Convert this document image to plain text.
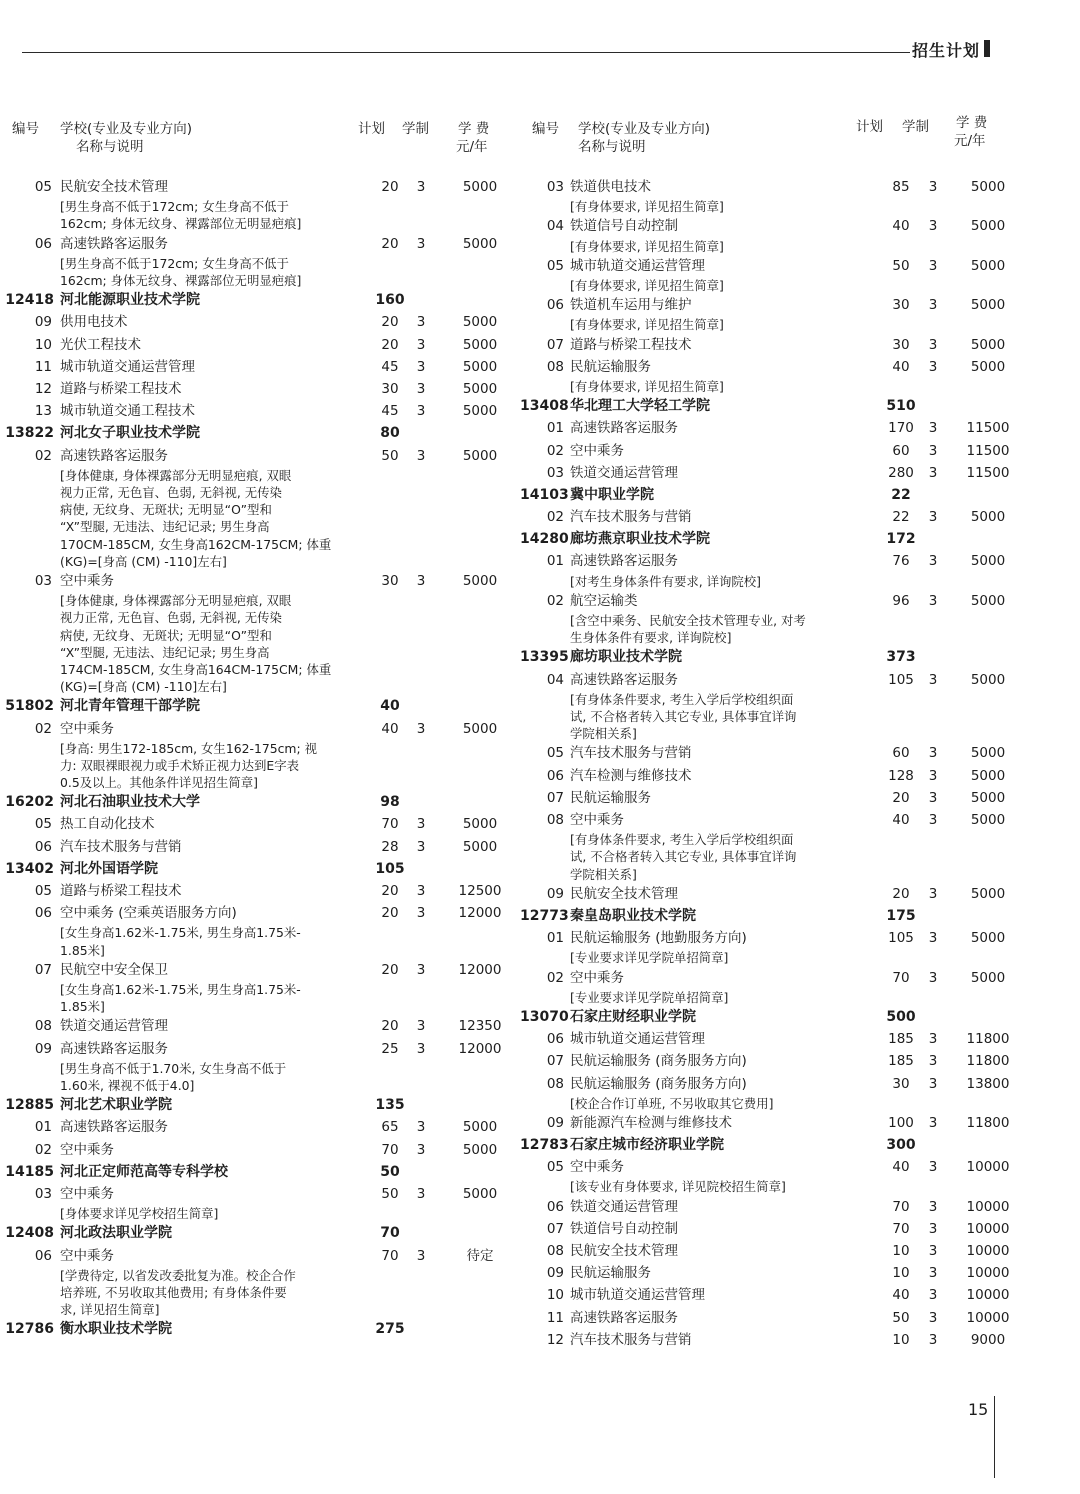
招生计划
编号 学校(专业及专业方向)
名称与说明
计划 学制 学 费
元/年
05 民航安全技术管理	20	3	5000
[男生身高不低于172cm; 女生身高不低于
162cm; 身体无纹身、裸露部位无明显疤痕]
06 高速铁路客运服务	20	3	5000
[男生身高不低于172cm; 女生身高不低于
162cm; 身体无纹身、裸露部位无明显疤痕]
12418 河北能源职业技术学院	160
09 供用电技术	20	3	5000
10 光伏工程技术	20	3	5000
11 城市轨道交通运营管理	45	3	5000
12 道路与桥梁工程技术	30	3	5000
13 城市轨道交通工程技术	45	3	5000
13822 河北女子职业技术学院	80
02 高速铁路客运服务	50	3	5000
[身体健康, 身体裸露部分无明显疤痕, 双眼
视力正常, 无色盲、色弱, 无斜视, 无传染
病使, 无纹身、无斑状; 无明显“O”型和
“X”型腿, 无违法、违纪记录; 男生身高
170CM-185CM, 女生身高162CM-175CM; 体重
(KG)=[身高 (CM) -110]左右]
03 空中乘务	30	3	5000
[身体健康, 身体裸露部分无明显疤痕, 双眼
视力正常, 无色盲、色弱, 无斜视, 无传染
病使, 无纹身、无斑状; 无明显“O”型和
“X”型腿, 无违法、违纪记录; 男生身高
174CM-185CM, 女生身高164CM-175CM; 体重
(KG)=[身高 (CM) -110]左右]
51802 河北青年管理干部学院	40
02 空中乘务	40	3	5000
[身高: 男生172-185cm, 女生162-175cm; 视
力: 双眼裸眼视力或手术矫正视力达到E字表
0.5及以上。其他条件详见招生简章]
16202 河北石油职业技术大学	98
05 热工自动化技术	70	3	5000
06 汽车技术服务与营销	28	3	5000
13402 河北外国语学院	105
05 道路与桥梁工程技术	20	3	12500
06 空中乘务 (空乘英语服务方向)	20	3	12000
[女生身高1.62米-1.75米, 男生身高1.75米-
1.85米]
07 民航空中安全保卫	20	3	12000
[女生身高1.62米-1.75米, 男生身高1.75米-
1.85米]
08 铁道交通运营管理	20	3	12350
09 高速铁路客运服务	25	3	12000
[男生身高不低于1.70米, 女生身高不低于
1.60米, 裸视不低于4.0]
12885 河北艺术职业学院	135
01 高速铁路客运服务	65	3	5000
02 空中乘务	70	3	5000
14185 河北正定师范高等专科学校	50
03 空中乘务	50	3	5000
[身体要求详见学校招生简章]
12408 河北政法职业学院	70
06 空中乘务	70	3	待定
[学费待定, 以省发改委批复为准。校企合作
培养班, 不另收取其他费用; 有身体条件要
求, 详见招生简章]
12786 衡水职业技术学院	275
编号 学校(专业及专业方向)
名称与说明
计划 学制 学 费
元/年
03 铁道供电技术	85	3	5000
[有身体要求, 详见招生简章]
04 铁道信号自动控制	40	3	5000
[有身体要求, 详见招生简章]
05 城市轨道交通运营管理	50	3	5000
[有身体要求, 详见招生简章]
06 铁道机车运用与维护	30	3	5000
[有身体要求, 详见招生简章]
07 道路与桥梁工程技术	30	3	5000
08 民航运输服务	40	3	5000
[有身体要求, 详见招生简章]
13408 华北理工大学轻工学院	510
01 高速铁路客运服务	170	3	11500
02 空中乘务	60	3	11500
03 铁道交通运营管理	280	3	11500
14103 冀中职业学院	22
02 汽车技术服务与营销	22	3	5000
14280 廊坊燕京职业技术学院	172
01 高速铁路客运服务	76	3	5000
[对考生身体条件有要求, 详询院校]
02 航空运输类	96	3	5000
[含空中乘务、民航安全技术管理专业, 对考
生身体条件有要求, 详询院校]
13395 廊坊职业技术学院	373
04 高速铁路客运服务	105	3	5000
[有身体条件要求, 考生入学后学校组织面
试, 不合格者转入其它专业, 具体事宜详询
学院相关系]
05 汽车技术服务与营销	60	3	5000
06 汽车检测与维修技术	128	3	5000
07 民航运输服务	20	3	5000
08 空中乘务	40	3	5000
[有身体条件要求, 考生入学后学校组织面
试, 不合格者转入其它专业, 具体事宜详询
学院相关系]
09 民航安全技术管理	20	3	5000
12773 秦皇岛职业技术学院	175
01 民航运输服务 (地勤服务方向)	105	3	5000
[专业要求详见学院单招简章]
02 空中乘务	70	3	5000
[专业要求详见学院单招简章]
13070 石家庄财经职业学院	500
06 城市轨道交通运营管理	185	3	11800
07 民航运输服务 (商务服务方向)	185	3	11800
08 民航运输服务 (商务服务方向)	30	3	13800
[校企合作订单班, 不另收取其它费用]
09 新能源汽车检测与维修技术	100	3	11800
12783 石家庄城市经济职业学院	300
05 空中乘务	40	3	10000
[该专业有身体要求, 详见院校招生简章]
06 铁道交通运营管理	70	3	10000
07 铁道信号自动控制	70	3	10000
08 民航安全技术管理	10	3	10000
09 民航运输服务	10	3	10000
10 城市轨道交通运营管理	40	3	10000
11 高速铁路客运服务	50	3	10000
12 汽车技术服务与营销	10	3	9000
15
